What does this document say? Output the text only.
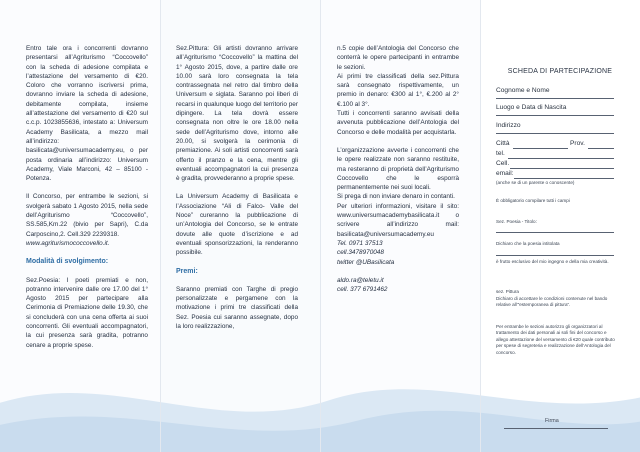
Entro tale ora i concorrenti dovranno presentarsi all’Agriturismo “Coccovello” con la scheda di adesione compilata e l’attestazione del versamento di €20. Coloro che vorranno iscriversi prima, dovranno inviare la scheda di adesione, debitamente compilata, insieme all’attestazione del versamento di €20 sul c.c.p. 1023855636, intestato a: Universum Academy Basilicata, a mezzo mail all’indirizzo: basilicata@universumacademy.eu, o per posta ordinaria all’indirizzo: Universum Academy, Viale Marconi, 42 – 85100 - Potenza.

Il Concorso, per entrambe le sezioni, si svolgerà sabato 1 Agosto 2015, nella sede dell’Agriturismo “Coccovello”, SS.585,Km.22 (bivio per Sapri), C.da Carposcino,2. Cell.329 2239318.

www.agriturismococcovello.it.

Modalità di svolgimento:

Sez.Poesia: I poeti premiati e non, potranno intervenire dalle ore 17.00 del 1° Agosto 2015 per partecipare alla Cerimonia di Premiazione delle 19.30, che si concluderà con una cena offerta ai suoi concorrenti. Gli eventuali accompagnatori, la cui presenza sarà gradita, potranno cenare a proprie spese.

Sez.Pittura: Gli artisti dovranno arrivare all’Agriturismo “Coccovello” la mattina del 1° Agosto 2015, dove, a partire dalle ore 10.00 sarà loro consegnata la tela contrassegnata nel retro dal timbro della Universum e siglata. Saranno poi liberi di recarsi in qualunque luogo del territorio per dipingere. La tela dovrà essere consegnata non oltre le ore 18.00 nella sede dell’Agriturismo dove, intorno alle 20.00, si svolgerà la cerimonia di premiazione. Ai soli artisti concorrenti sarà offerto il pranzo e la cena, mentre gli eventuali accompagnatori la cui presenza è gradita, provvederanno a proprie spese.

La Universum Academy di Basilicata e l’Associazione “Ali di Falco- Valle del Noce” cureranno la pubblicazione di un’Antologia del Concorso, se le entrate dovute alle quote d’iscrizione e ad eventuali sponsorizzazioni, la renderanno possibile.

Premi:

Saranno premiati con Targhe di pregio personalizzate e pergamene con la motivazione i primi tre classificati della Sez. Poesia cui saranno assegnate, dopo la loro realizzazione,

n.5 copie dell’Antologia del Concorso che conterrà le opere partecipanti in entrambe le sezioni.

Ai primi tre classificati della sez.Pittura sarà consegnato rispettivamente, un premio in denaro: €300 al 1°, €.200 al 2° €.100 al 3°.

Tutti i concorrenti saranno avvisati della avvenuta pubblicazione dell’Antologia del Concorso e delle modalità per acquistarla.

L’organizzazione avverte i concorrenti che le opere realizzate non saranno restituite, ma resteranno di proprietà dell’Agriturismo Coccovello che le esporrà permanentemente nei suoi locali.

Si prega di non inviare denaro in contanti.

Per ulteriori informazioni, visitare il sito: www.universumacademybasilicata.it o scrivere all’indirizzo mail: basilicata@universumacademy.eu

Tel. 0971 37513

cell.3478970048

twitter @UBasilicata

aldo.ra@teletu.it

cell. 377 6791462

SCHEDA DI PARTECIPAZIONE
Cognome e Nome
Luogo e Data di Nascita
Indirizzo
Città	Prov.
tel.
Cell.
email:
(anche se di un parente o conoscente)
È obbligatorio compilare tutti i campi
Sez. Poesia - Titolo:
Dichiaro che la poesia intitolata
è frutto esclusivo del mio ingegno e della mia creatività.
sez. Pittura
Dichiaro di accettare le condizioni contenute nel bando relative all’”estemporanea di pittura”.
Per entrambe le sezioni autorizzo gli organizzatori al trattamento dei dati personali ai soli fini del concorso e allego attestazione del versamento di €20 quale contributo per spese di segreteria e realizzazione dell’Antologia del concorso.
Firma
